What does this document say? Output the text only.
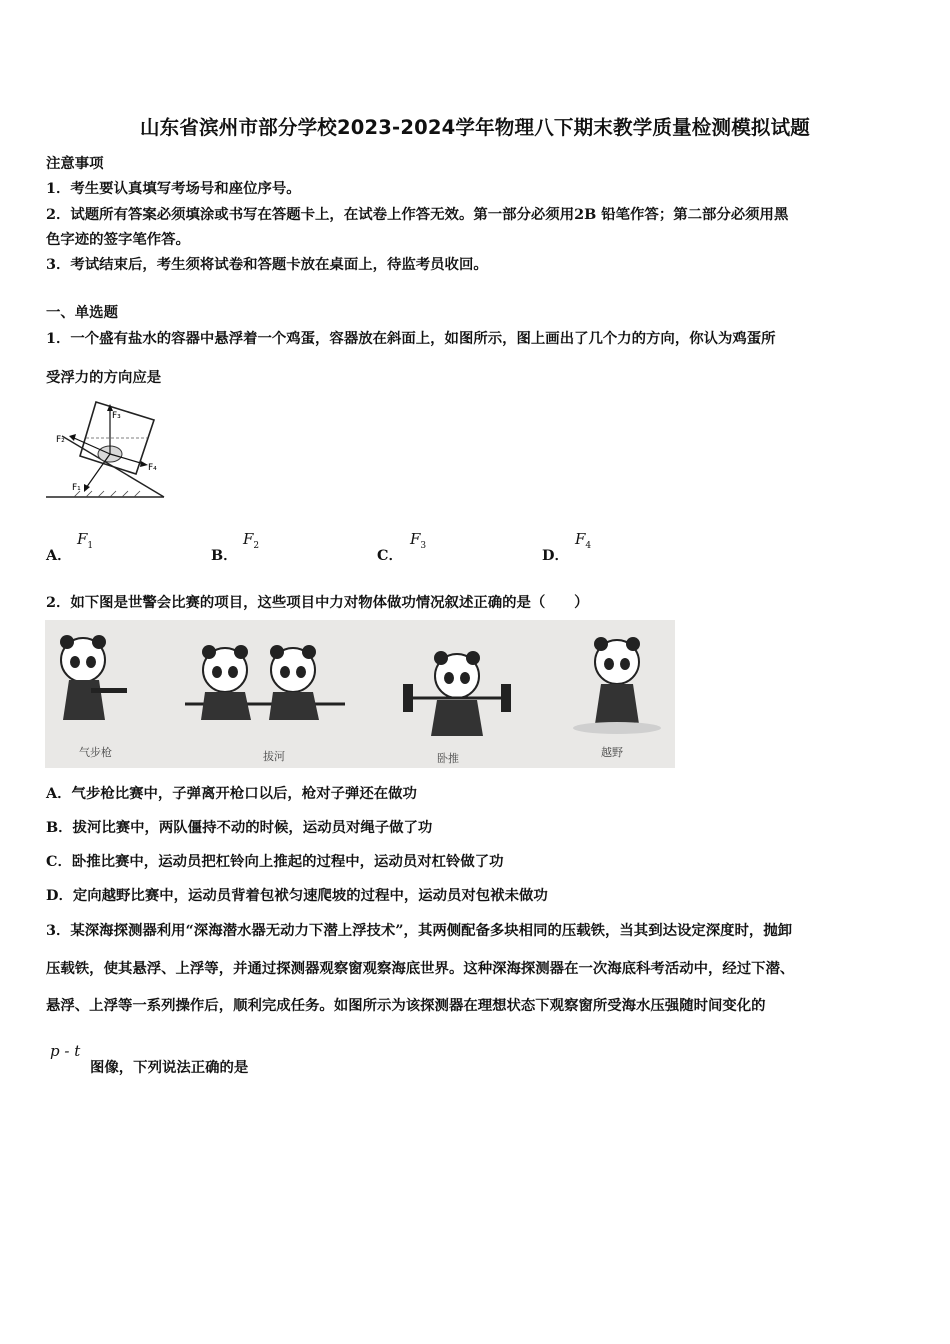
山东省滨州市部分学校2023-2024学年物理八下期末教学质量检测模拟试题
注意事项
1．考生要认真填写考场号和座位序号。
2．试题所有答案必须填涂或书写在答题卡上，在试卷上作答无效。第一部分必须用2B 铅笔作答；第二部分必须用黑
色字迹的签字笔作答。
3．考试结束后，考生须将试卷和答题卡放在桌面上，待监考员收回。
一、单选题
1．一个盛有盐水的容器中悬浮着一个鸡蛋，容器放在斜面上，如图所示，图上画出了几个力的方向，你认为鸡蛋所
受浮力的方向应是
F₃
F₂
F₄
F₁
A．
$F_1$
B．
$F_2$
C．
$F_3$
D．
$F_4$
2．如下图是世警会比赛的项目，这些项目中力对物体做功情况叙述正确的是（　　）
气步枪	拔河	卧推	越野
A．气步枪比赛中，子弹离开枪口以后，枪对子弹还在做功
B．拔河比赛中，两队僵持不动的时候，运动员对绳子做了功
C．卧推比赛中，运动员把杠铃向上推起的过程中，运动员对杠铃做了功
D．定向越野比赛中，运动员背着包袱匀速爬坡的过程中，运动员对包袱未做功
3．某深海探测器利用“深海潜水器无动力下潜上浮技术”，其两侧配备多块相同的压载铁，当其到达设定深度时，抛卸
压载铁，使其悬浮、上浮等，并通过探测器观察窗观察海底世界。这种深海探测器在一次海底科考活动中，经过下潜、
悬浮、上浮等一系列操作后，顺利完成任务。如图所示为该探测器在理想状态下观察窗所受海水压强随时间变化的
p - t
图像，下列说法正确的是
